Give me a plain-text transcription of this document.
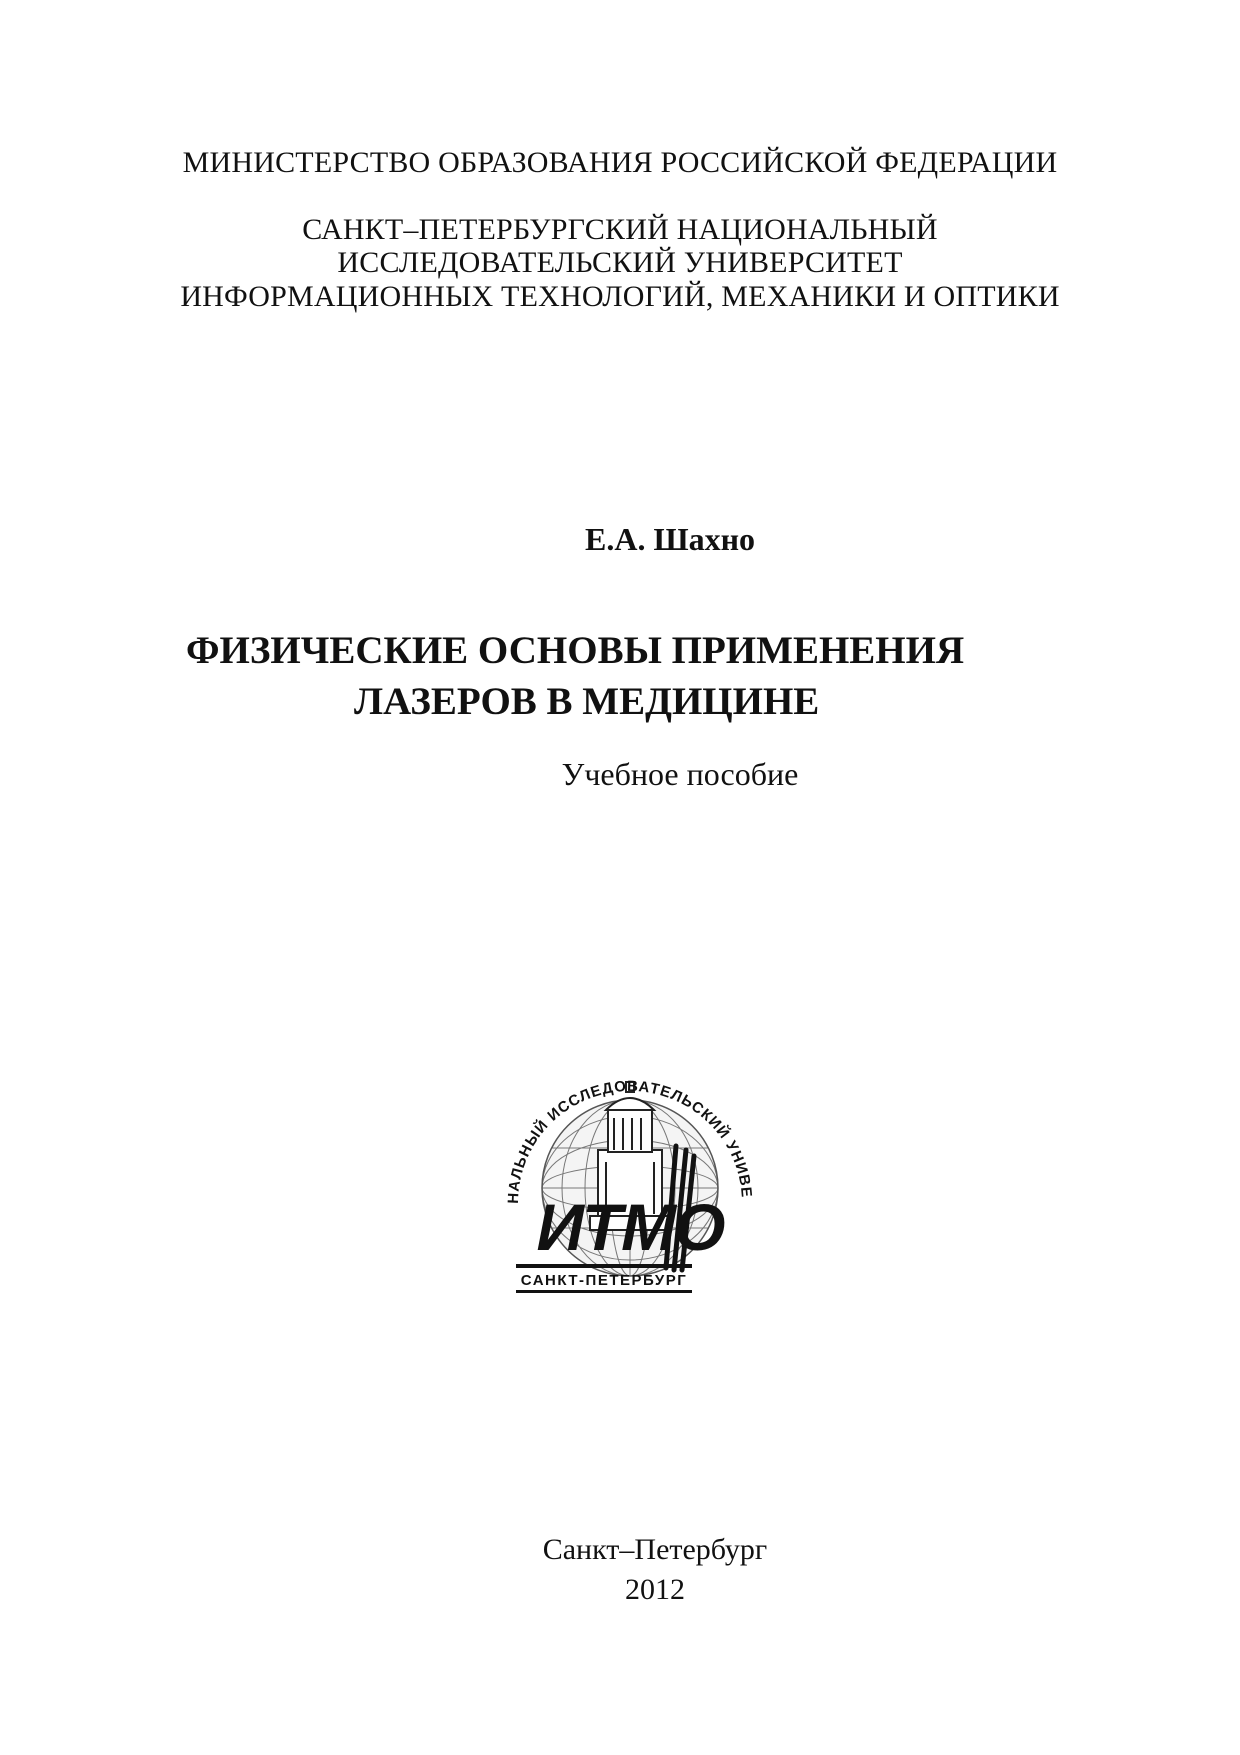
МИНИСТЕРСТВО ОБРАЗОВАНИЯ РОССИЙСКОЙ ФЕДЕРАЦИИ
САНКТ–ПЕТЕРБУРГСКИЙ НАЦИОНАЛЬНЫЙ
ИССЛЕДОВАТЕЛЬСКИЙ УНИВЕРСИТЕТ
ИНФОРМАЦИОННЫХ ТЕХНОЛОГИЙ, МЕХАНИКИ И ОПТИКИ
Е.А. Шахно
ФИЗИЧЕСКИЕ ОСНОВЫ ПРИМЕНЕНИЯ
ЛАЗЕРОВ В МЕДИЦИНЕ
Учебное пособие
НАЛЬНЫЙ ИССЛЕДОВАТЕЛЬСКИЙ УНИВЕ
ИТМО
САНКТ-ПЕТЕРБУРГ
Санкт–Петербург
2012
